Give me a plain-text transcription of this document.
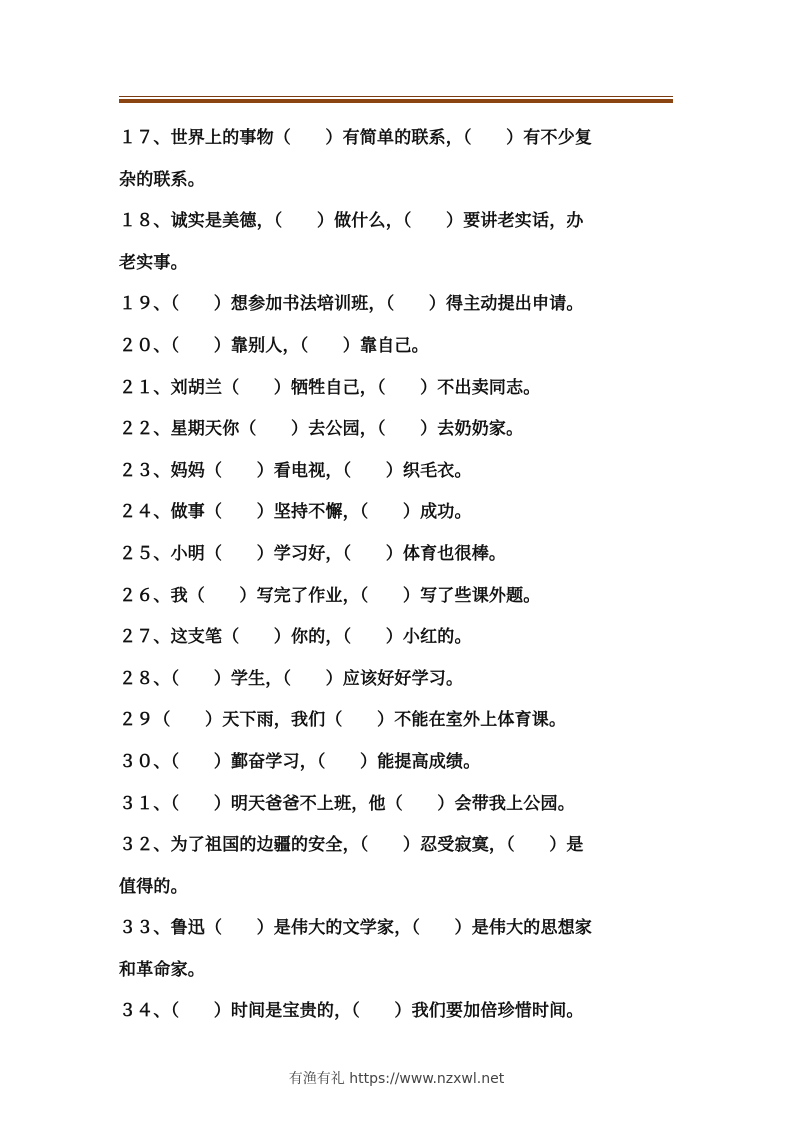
１７、世界上的事物（　　）有简单的联系，（　　）有不少复
杂的联系。
１８、诚实是美德，（　　）做什么，（　　）要讲老实话，办
老实事。
１９、（　　）想参加书法培训班，（　　）得主动提出申请。
２０、（　　）靠别人，（　　）靠自己。
２１、刘胡兰（　　）牺牲自己，（　　）不出卖同志。
２２、星期天你（　　）去公园，（　　）去奶奶家。
２３、妈妈（　　）看电视，（　　）织毛衣。
２４、做事（　　）坚持不懈，（　　）成功。
２５、小明（　　）学习好，（　　）体育也很棒。
２６、我（　　）写完了作业，（　　）写了些课外题。
２７、这支笔（　　）你的，（　　）小红的。
２８、（　　）学生，（　　）应该好好学习。
２９（　　）天下雨，我们（　　）不能在室外上体育课。
３０、（　　）鄞奋学习，（　　）能提高成绩。
３１、（　　）明天爸爸不上班，他（　　）会带我上公园。
３２、为了祖国的边疆的安全，（　　）忍受寂寞，（　　）是
值得的。
３３、鲁迅（　　）是伟大的文学家，（　　）是伟大的思想家
和革命家。
３４、（　　）时间是宝贵的，（　　）我们要加倍珍惜时间。
有渔有礼 https://www.nzxwl.net
